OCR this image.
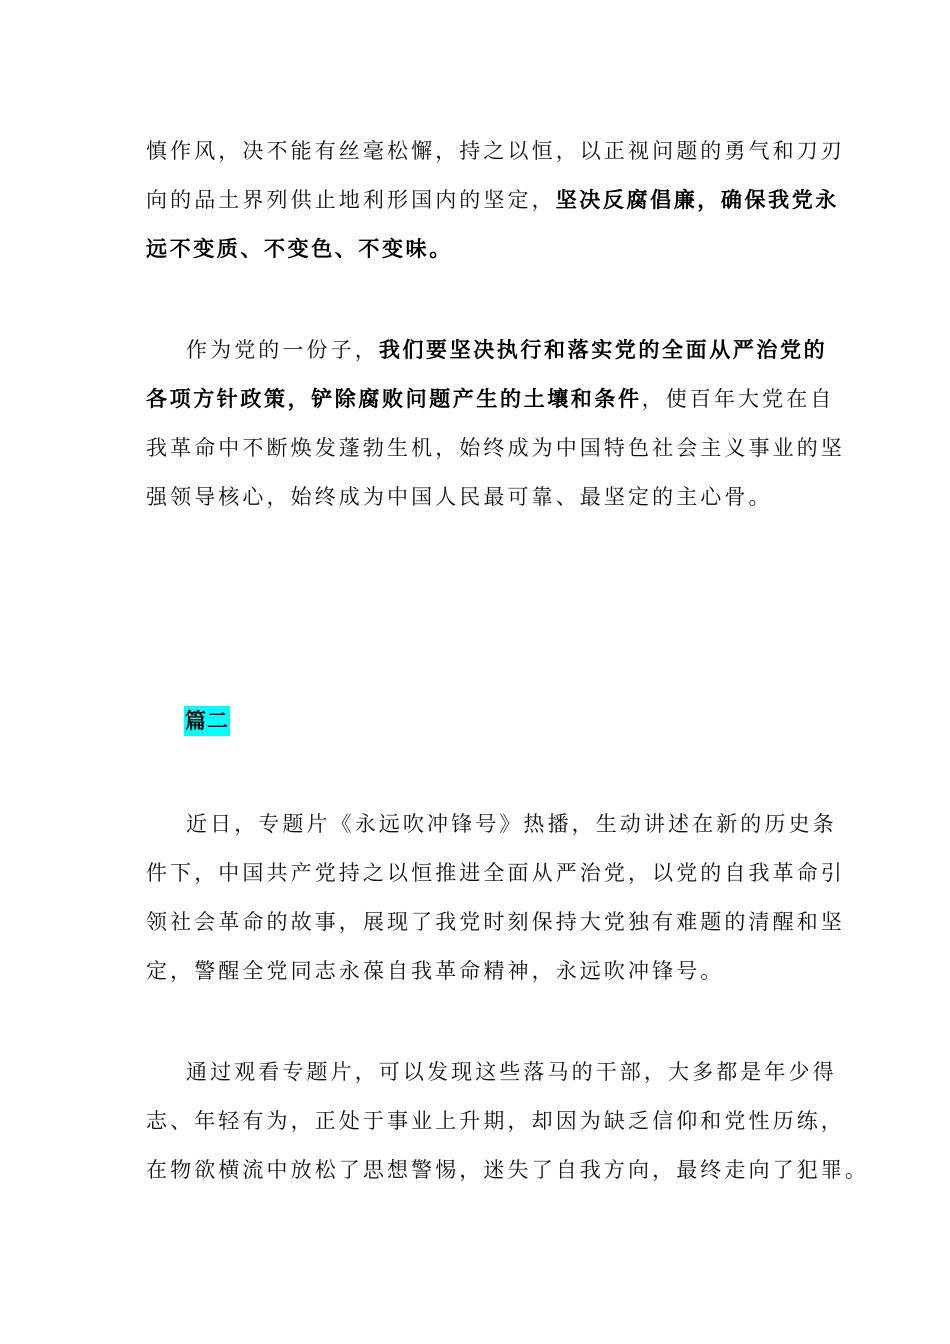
慎作风，决不能有丝毫松懈，持之以恒，以正视问题的勇气和刀刃
向的品土界列供止地利形国内的坚定，坚决反腐倡廉，确保我党永
远不变质、不变色、不变味。
作为党的一份子，我们要坚决执行和落实党的全面从严治党的
各项方针政策，铲除腐败问题产生的土壤和条件，使百年大党在自
我革命中不断焕发蓬勃生机，始终成为中国特色社会主义事业的坚
强领导核心，始终成为中国人民最可靠、最坚定的主心骨。
篇二
近日，专题片《永远吹冲锋号》热播，生动讲述在新的历史条
件下，中国共产党持之以恒推进全面从严治党，以党的自我革命引
领社会革命的故事，展现了我党时刻保持大党独有难题的清醒和坚
定，警醒全党同志永葆自我革命精神，永远吹冲锋号。
通过观看专题片，可以发现这些落马的干部，大多都是年少得
志、年轻有为，正处于事业上升期，却因为缺乏信仰和党性历练，
在物欲横流中放松了思想警惕，迷失了自我方向，最终走向了犯罪。
